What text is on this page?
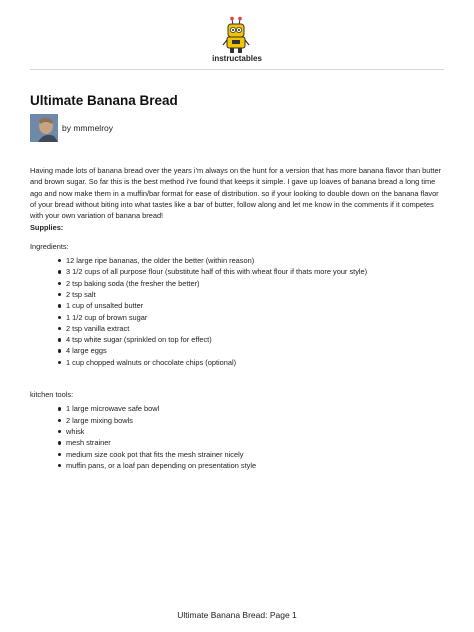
instructables
Ultimate Banana Bread
by mmmelroy

Having made lots of banana bread over the years i'm always on the hunt for a version that has more banana flavor than butter and brown sugar. So far this is the best method i've found that keeps it simple. I gave up loaves of banana bread a long time ago and now make them in a muffin/bar format for ease of distribution. so if your looking to double down on the banana flavor of your bread without biting into what tastes like a bar of butter, follow along and let me know in the comments if it competes with your own variation of banana bread!

Supplies:

Ingredients:

12 large ripe bananas, the older the better (within reason)
3 1/2 cups of all purpose flour (substitute half of this with wheat flour if thats more your style)
2 tsp baking soda (the fresher the better)
2 tsp salt
1 cup of unsalted butter
1 1/2 cup of brown sugar
2 tsp vanilla extract
4 tsp white sugar (sprinkled on top for effect)
4 large eggs
1 cup chopped walnuts or chocolate chips (optional)

kitchen tools:

1 large microwave safe bowl
2 large mixing bowls
whisk
mesh strainer
medium size cook pot that fits the mesh strainer nicely
muffin pans, or a loaf pan depending on presentation style
Ultimate Banana Bread: Page 1
